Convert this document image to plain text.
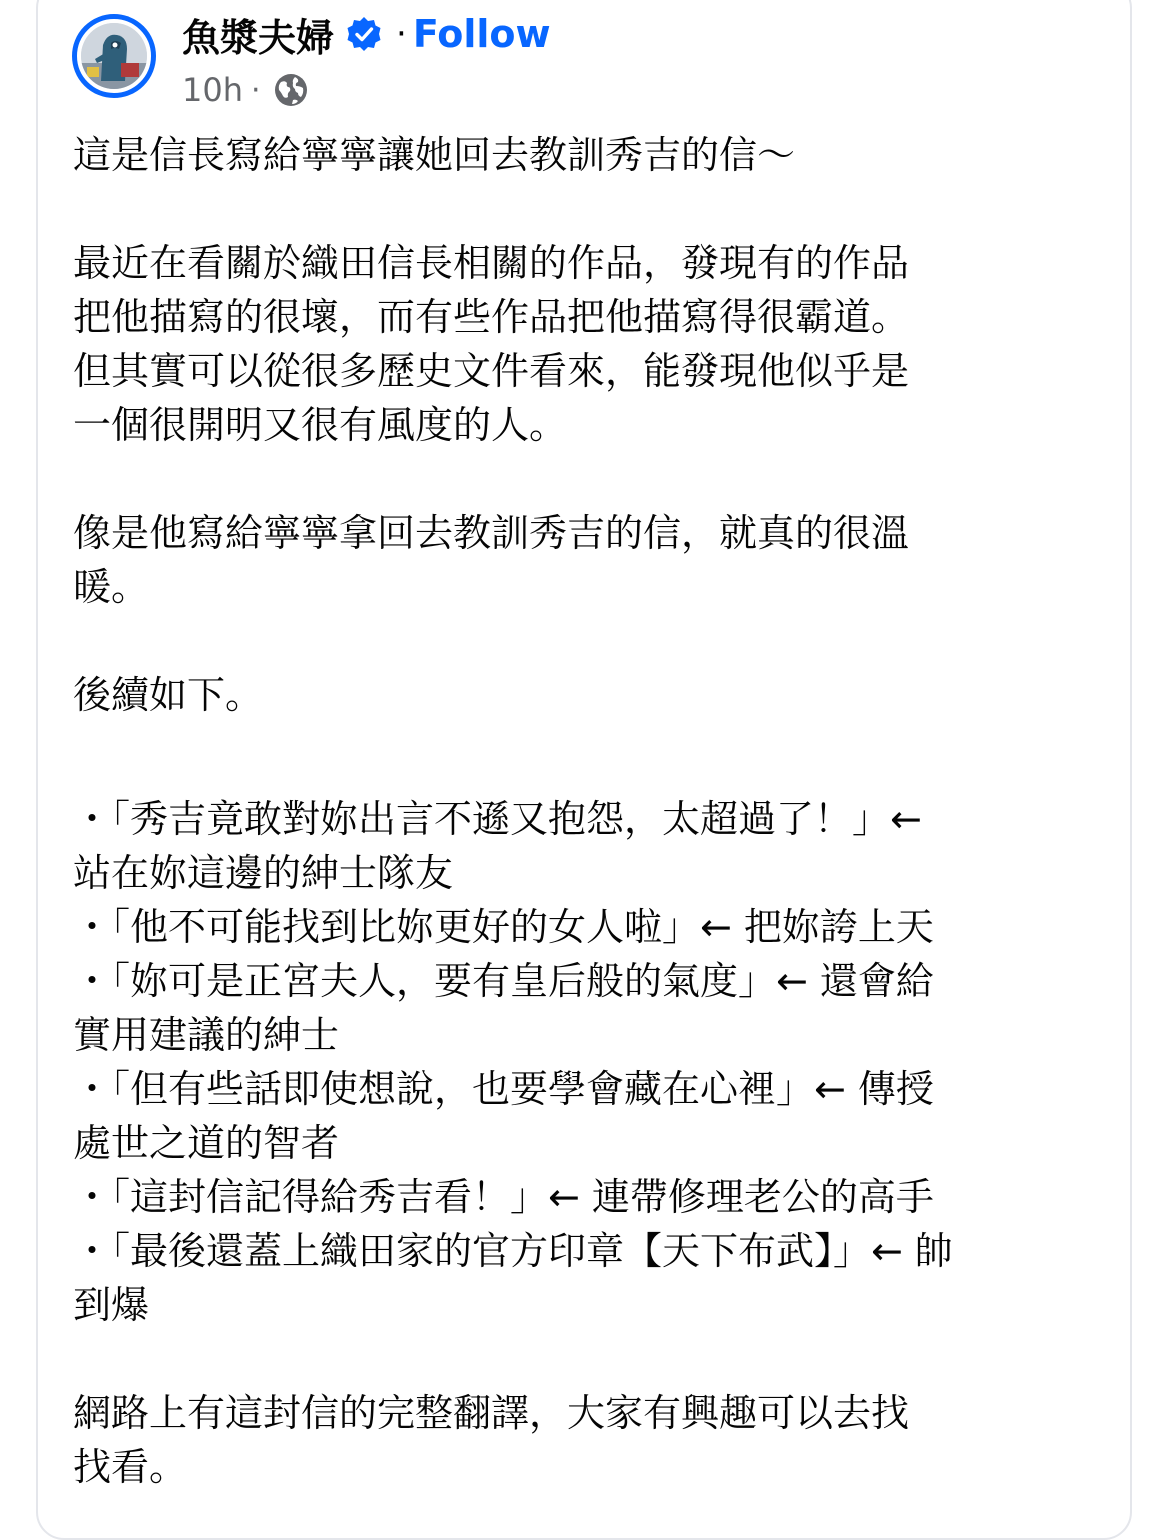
魚漿夫婦 · Follow
10h ·

這是信長寫給寧寧讓她回去教訓秀吉的信～

最近在看關於織田信長相關的作品，發現有的作品

把他描寫的很壞，而有些作品把他描寫得很霸道。

但其實可以從很多歷史文件看來，能發現他似乎是

一個很開明又很有風度的人。

像是他寫給寧寧拿回去教訓秀吉的信，就真的很溫

暖。

後續如下。

・「秀吉竟敢對妳出言不遜又抱怨，太超過了！」←

站在妳這邊的紳士隊友

・「他不可能找到比妳更好的女人啦」← 把妳誇上天

・「妳可是正宮夫人，要有皇后般的氣度」← 還會給

實用建議的紳士

・「但有些話即使想說，也要學會藏在心裡」← 傳授

處世之道的智者

・「這封信記得給秀吉看！」← 連帶修理老公的高手

・「最後還蓋上織田家的官方印章【天下布武】」← 帥

到爆

網路上有這封信的完整翻譯，大家有興趣可以去找

找看。
